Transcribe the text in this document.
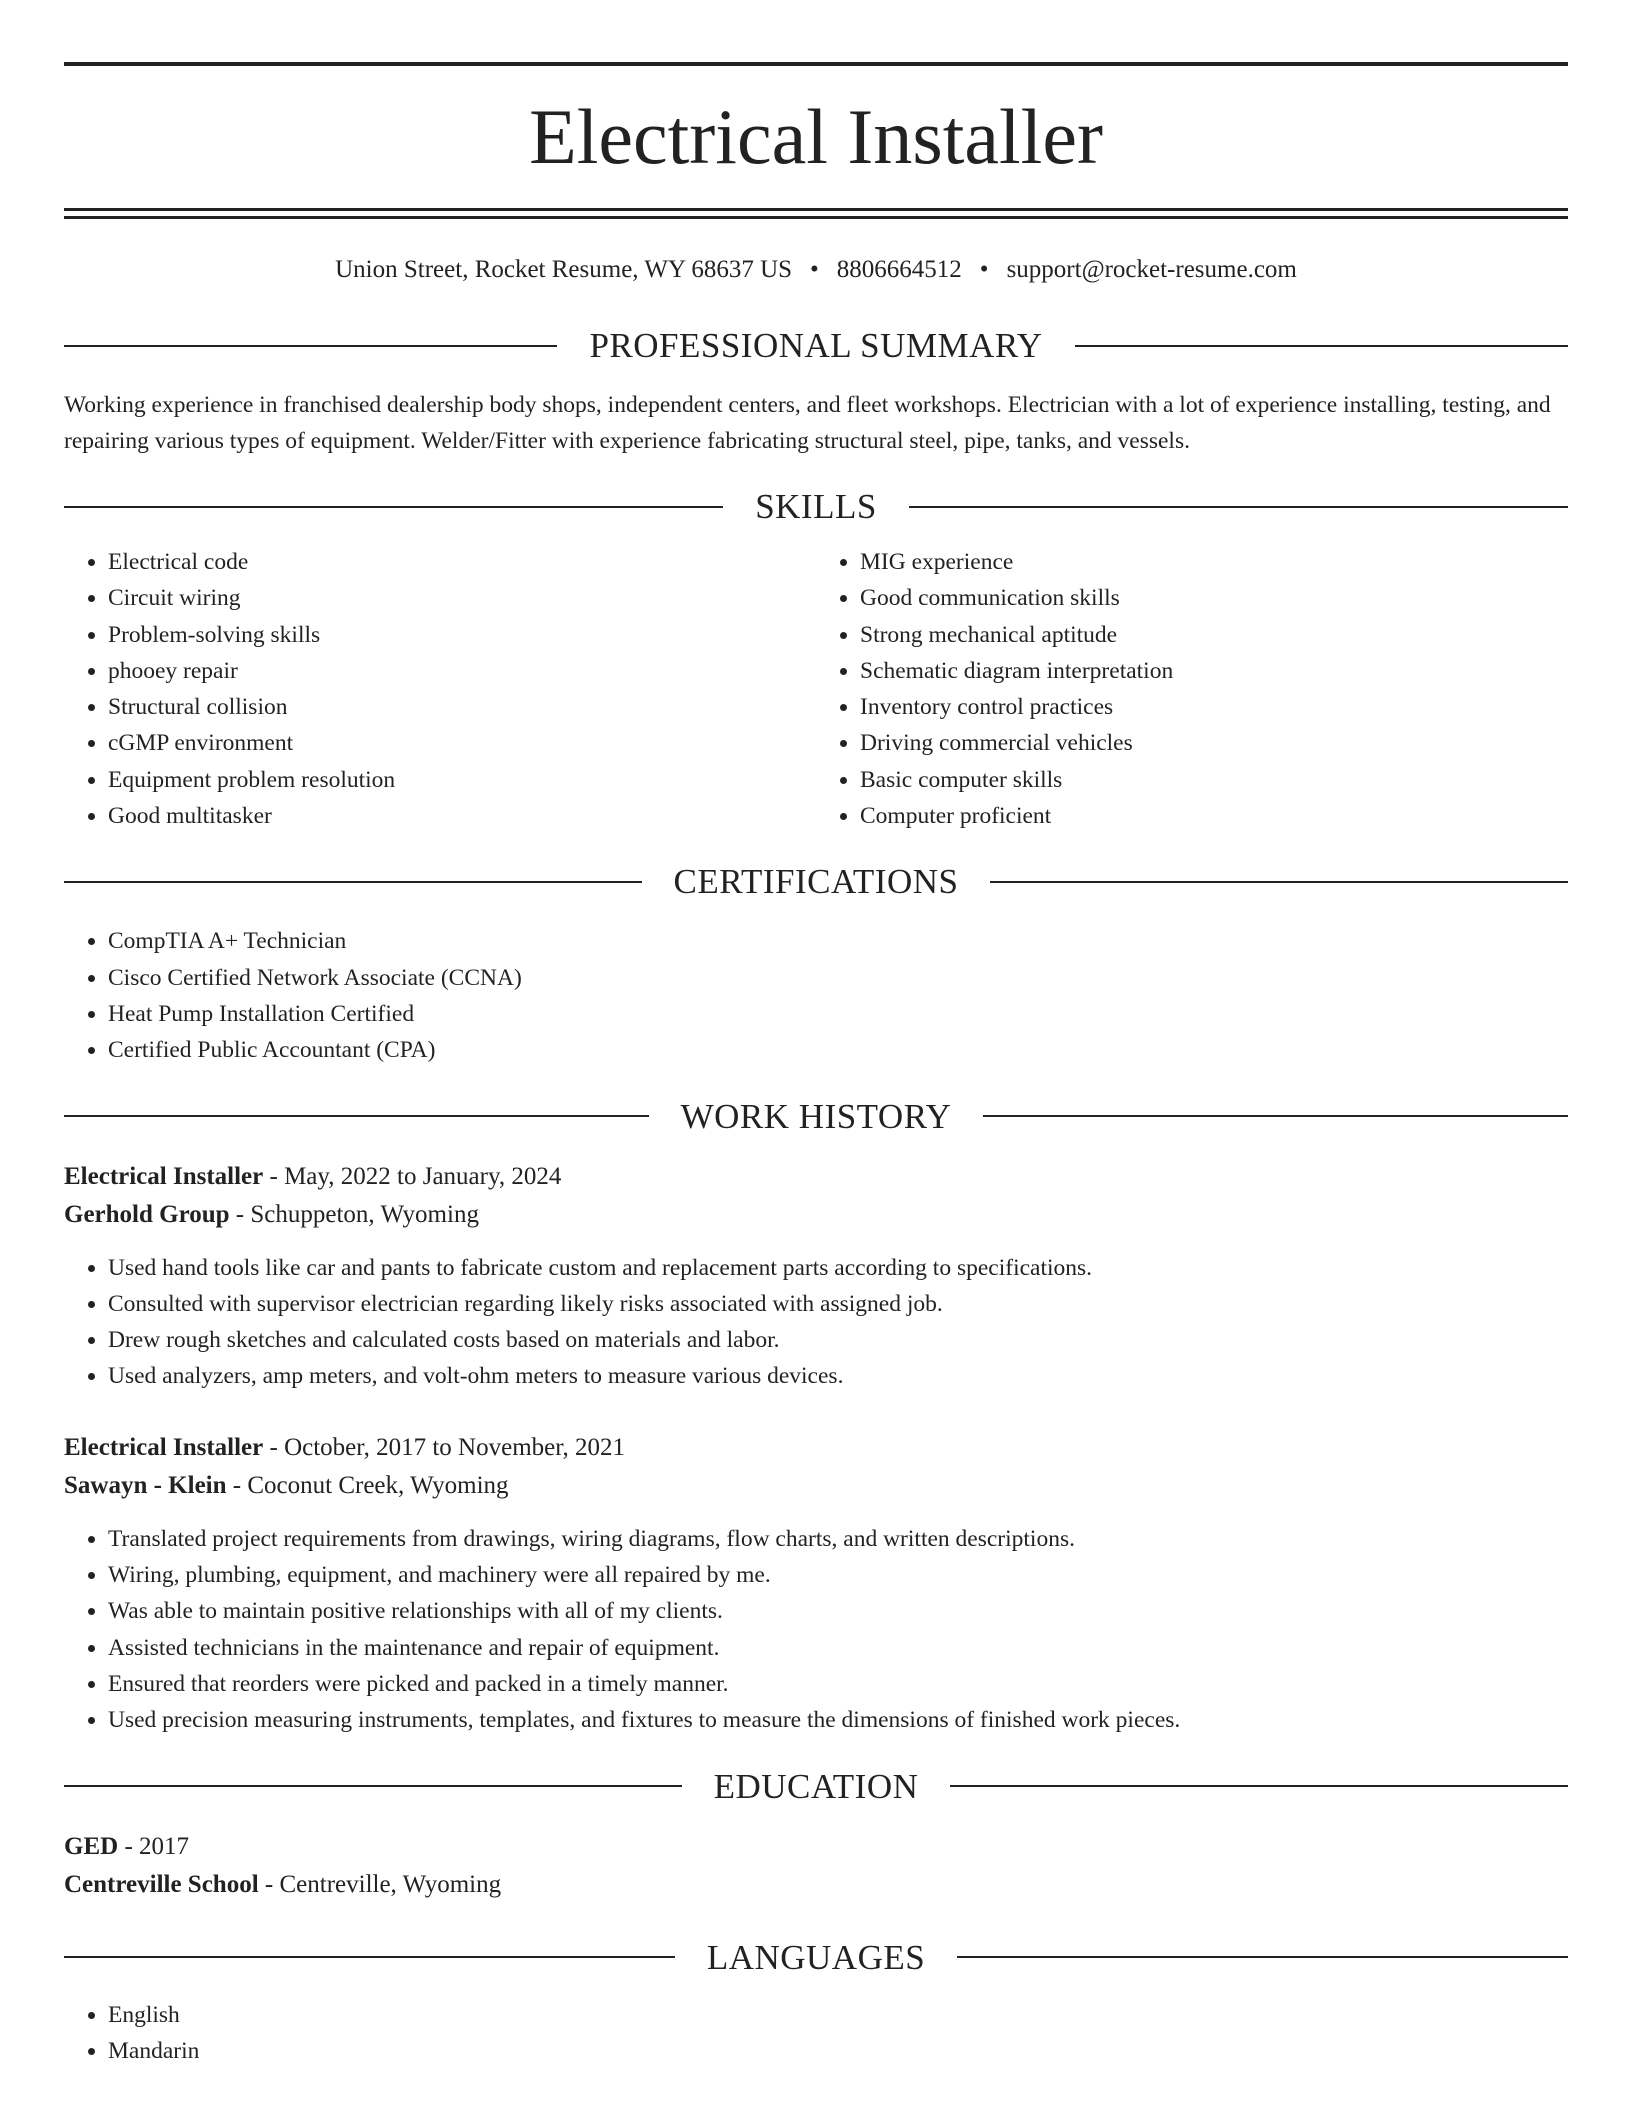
Electrical Installer

Union Street, Rocket Resume, WY 68637 US • 8806664512 • support@rocket-resume.com

PROFESSIONAL SUMMARY

Working experience in franchised dealership body shops, independent centers, and fleet workshops. Electrician with a lot of experience installing, testing, and repairing various types of equipment. Welder/Fitter with experience fabricating structural steel, pipe, tanks, and vessels.

SKILLS
• Electrical code
• Circuit wiring
• Problem-solving skills
• phooey repair
• Structural collision
• cGMP environment
• Equipment problem resolution
• Good multitasker
• MIG experience
• Good communication skills
• Strong mechanical aptitude
• Schematic diagram interpretation
• Inventory control practices
• Driving commercial vehicles
• Basic computer skills
• Computer proficient
CERTIFICATIONS
• CompTIA A+ Technician
• Cisco Certified Network Associate (CCNA)
• Heat Pump Installation Certified
• Certified Public Accountant (CPA)
WORK HISTORY

Electrical Installer - May, 2022 to January, 2024

Gerhold Group - Schuppeton, Wyoming

• Used hand tools like car and pants to fabricate custom and replacement parts according to specifications.
• Consulted with supervisor electrician regarding likely risks associated with assigned job.
• Drew rough sketches and calculated costs based on materials and labor.
• Used analyzers, amp meters, and volt-ohm meters to measure various devices.

Electrical Installer - October, 2017 to November, 2021

Sawayn - Klein - Coconut Creek, Wyoming

• Translated project requirements from drawings, wiring diagrams, flow charts, and written descriptions.
• Wiring, plumbing, equipment, and machinery were all repaired by me.
• Was able to maintain positive relationships with all of my clients.
• Assisted technicians in the maintenance and repair of equipment.
• Ensured that reorders were picked and packed in a timely manner.
• Used precision measuring instruments, templates, and fixtures to measure the dimensions of finished work pieces.
EDUCATION

GED - 2017

Centreville School - Centreville, Wyoming

LANGUAGES
• English
• Mandarin
